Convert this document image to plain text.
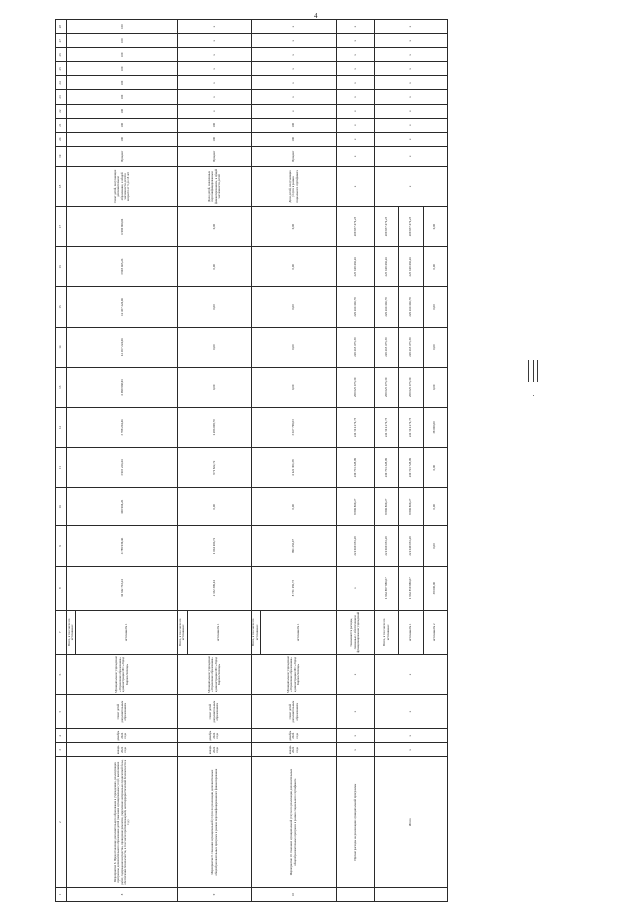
4
1	2	3	4	5	6	7	8	9	10	11	12	13	14	15	16	17	18	19	20	21	22	23	24	25	26	27	28
8	Мероприятие 8. Предоставление дополнительного образования в учреждениях, реализующих программы дополнительного образования детей (оказание муниципальных услуг, выполнение работ, содержание имущества, проведение ремонтов, укрепление материально-технической базы, обеспечение безопасности, в том числе противопожарной, антитеррористической безопасности и т.д.)	январь 2024 года	декабрь 2024 года	Охват детей дополнительным образованием	Муниципальное учреждение «Управление образования» администрации МО «Город Кирово-Чепецк»	Всего, в том числе по источникам:	34 342 763,24	4 789 939,46	100 904,26	3 915 226,44	3 788 264,46	6 999 968,91	12 457 224,06	12 457 224,06	3 918 465,26	6 990 966,91	Охват детей, получающих дополнительное образование, в общей численности детей в возрасте от 5 до 18 лет	Процент	100	100	100	100	100	100	100	100	100
						источник № 1																					
9	Мероприятие 9. Оказание муниципальной услуги по реализации дополнительных общеобразовательных программ в рамках персонифицированного финансирования	январь 2024 года	декабрь 2024 года	Охват детей дополнительным образованием	Муниципальное учреждение «Управление образования» администрации МО «Город Кирово-Чепецк»	Всего, в том числе по источникам:	2 332 309,14	1 064 106,72	0,00	971 822,72	1 286 008,70	0,00	0,00	0,00	0,00	0,00	Доля детей, охваченных персонифицированным финансированием, в общей численности детей	Процент	100	100	x	x	x	x	x	x	x
						источник № 1																					
10	Мероприятие 10. Оказание муниципальной услуги по реализации дополнительных общеобразовательных программ в рамках социального сертификата	январь 2024 года	декабрь 2024 года	Охват детей дополнительным образованием	Муниципальное учреждение «Управление образования» администрации МО «Город Кирово-Чепецк»	Всего, в том числе по источникам:	8 731 159,73	991 256,07	0,00	4 122 301,38	3 617 799,03	0,00	0,00	0,00	0,00	0,00	Доля детей, получающих услуги в рамках социального сертификата	Процент	100	100	x	x	x	x	x	x	x
						источник № 1																					
	Прочие расходы на реализацию муниципальной программы	x	x	x	x	Указываются расходы, связанные с обеспечением функционирования учреждений	x	221 069 051,29	8 869 869,27	219 751 328,09	221 511 271,73	209 025 475,30	229 265 475,30	229 264 166,79	225 619 436,26	209 937 471,23	x	x	x	x	x	x	x	x	x	x	x
	Итого	x	x	x	x	Всего, в том числе по источникам:	1 962 897 886,07	221 069 051,29	8 869 869,27	219 751 328,09	221 511 271,73	209 025 475,30	229 265 475,30	229 264 166,79	225 619 436,26	209 937 471,23	x	x	x	x	x	x	x	x	x	x	x
						источник № 1	1 962 859 886,07	221 049 051,29	8 869 869,27	219 721 728,09	221 511 271,73	209 025 475,30	229 265 475,30	229 264 166,79	225 619 436,26	209 937 471,23											
						источник № 2	38 000,00	0,00	0,00	0,00	38 000,00	0,00	0,00	0,00	0,00	0,00											
